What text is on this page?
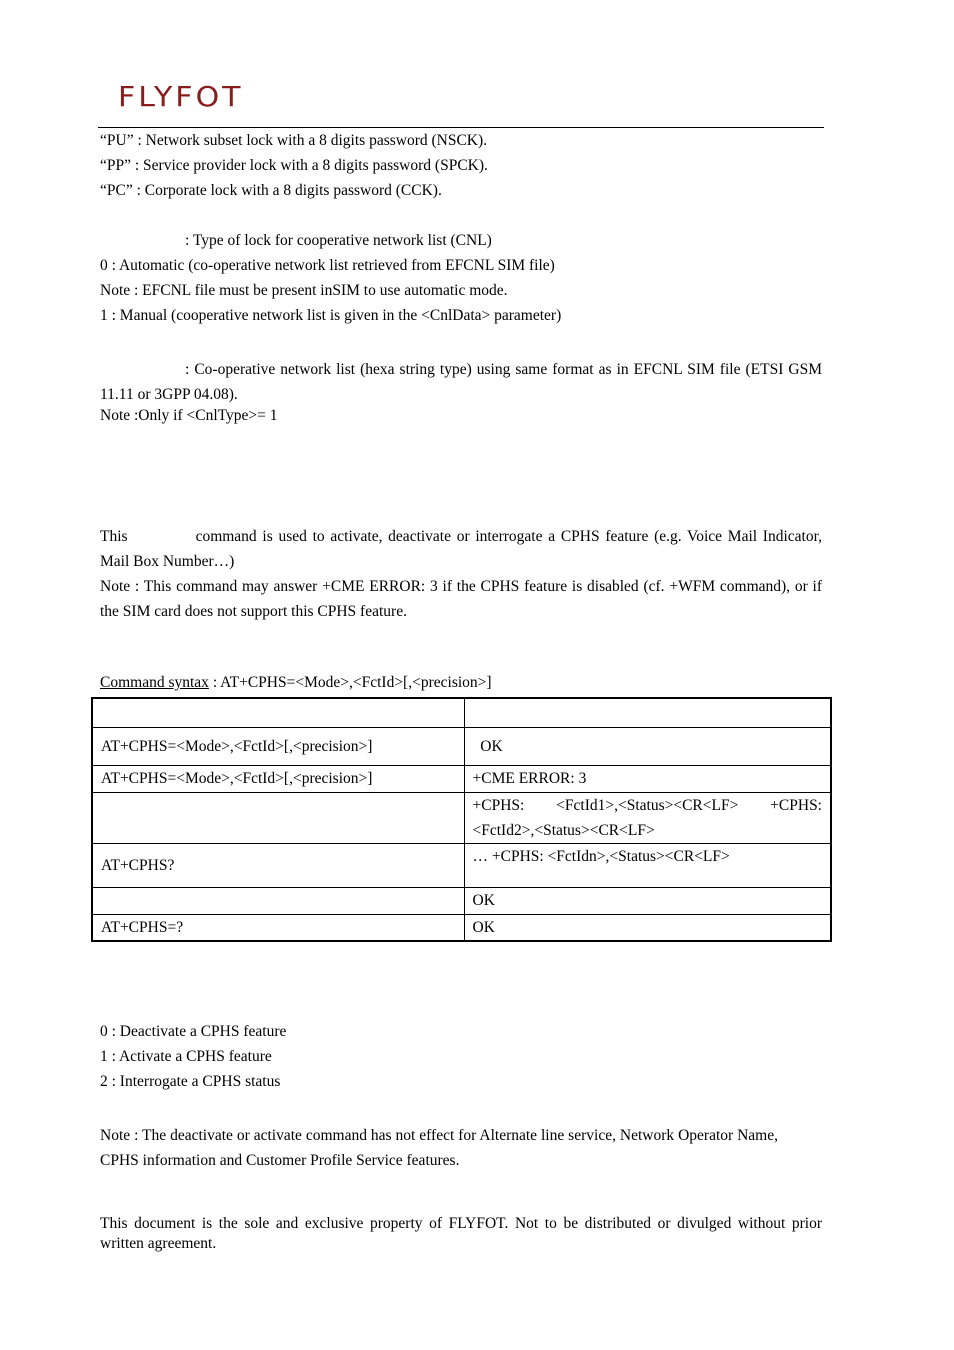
FLYFOT
“PU” : Network subset lock with a 8 digits password (NSCK).
“PP” : Service provider lock with a 8 digits password (SPCK).
“PC” : Corporate lock with a 8 digits password (CCK).
: Type of lock for cooperative network list (CNL)
0 : Automatic (co-operative network list retrieved from EFCNL SIM file)
Note : EFCNL file must be present inSIM to use automatic mode.
1 : Manual (cooperative network list is given in the <CnlData> parameter)
: Co-operative network list (hexa string type) using same format as in EFCNL SIM file (ETSI GSM 11.11 or 3GPP 04.08).
Note :Only if <CnlType>= 1
This	command is used to activate, deactivate or interrogate a CPHS feature (e.g. Voice Mail Indicator, Mail Box Number…)
Note : This command may answer +CME ERROR: 3 if the CPHS feature is disabled (cf. +WFM command), or if the SIM card does not support this CPHS feature.
Command syntax : AT+CPHS=<Mode>,<FctId>[,<precision>]

AT+CPHS=<Mode>,<FctId>[,<precision>]	OK
AT+CPHS=<Mode>,<FctId>[,<precision>]	+CME ERROR: 3
	+CPHS: <FctId1>,<Status><CR<LF> +CPHS: <FctId2>,<Status><CR<LF>
AT+CPHS?	… +CPHS: <FctIdn>,<Status><CR<LF>
	OK
AT+CPHS=?	OK
0 : Deactivate a CPHS feature
1 : Activate a CPHS feature
2 : Interrogate a CPHS status
Note : The deactivate or activate command has not effect for Alternate line service, Network Operator Name, CPHS information and Customer Profile Service features.
This document is the sole and exclusive property of FLYFOT. Not to be distributed or divulged without prior written agreement.
